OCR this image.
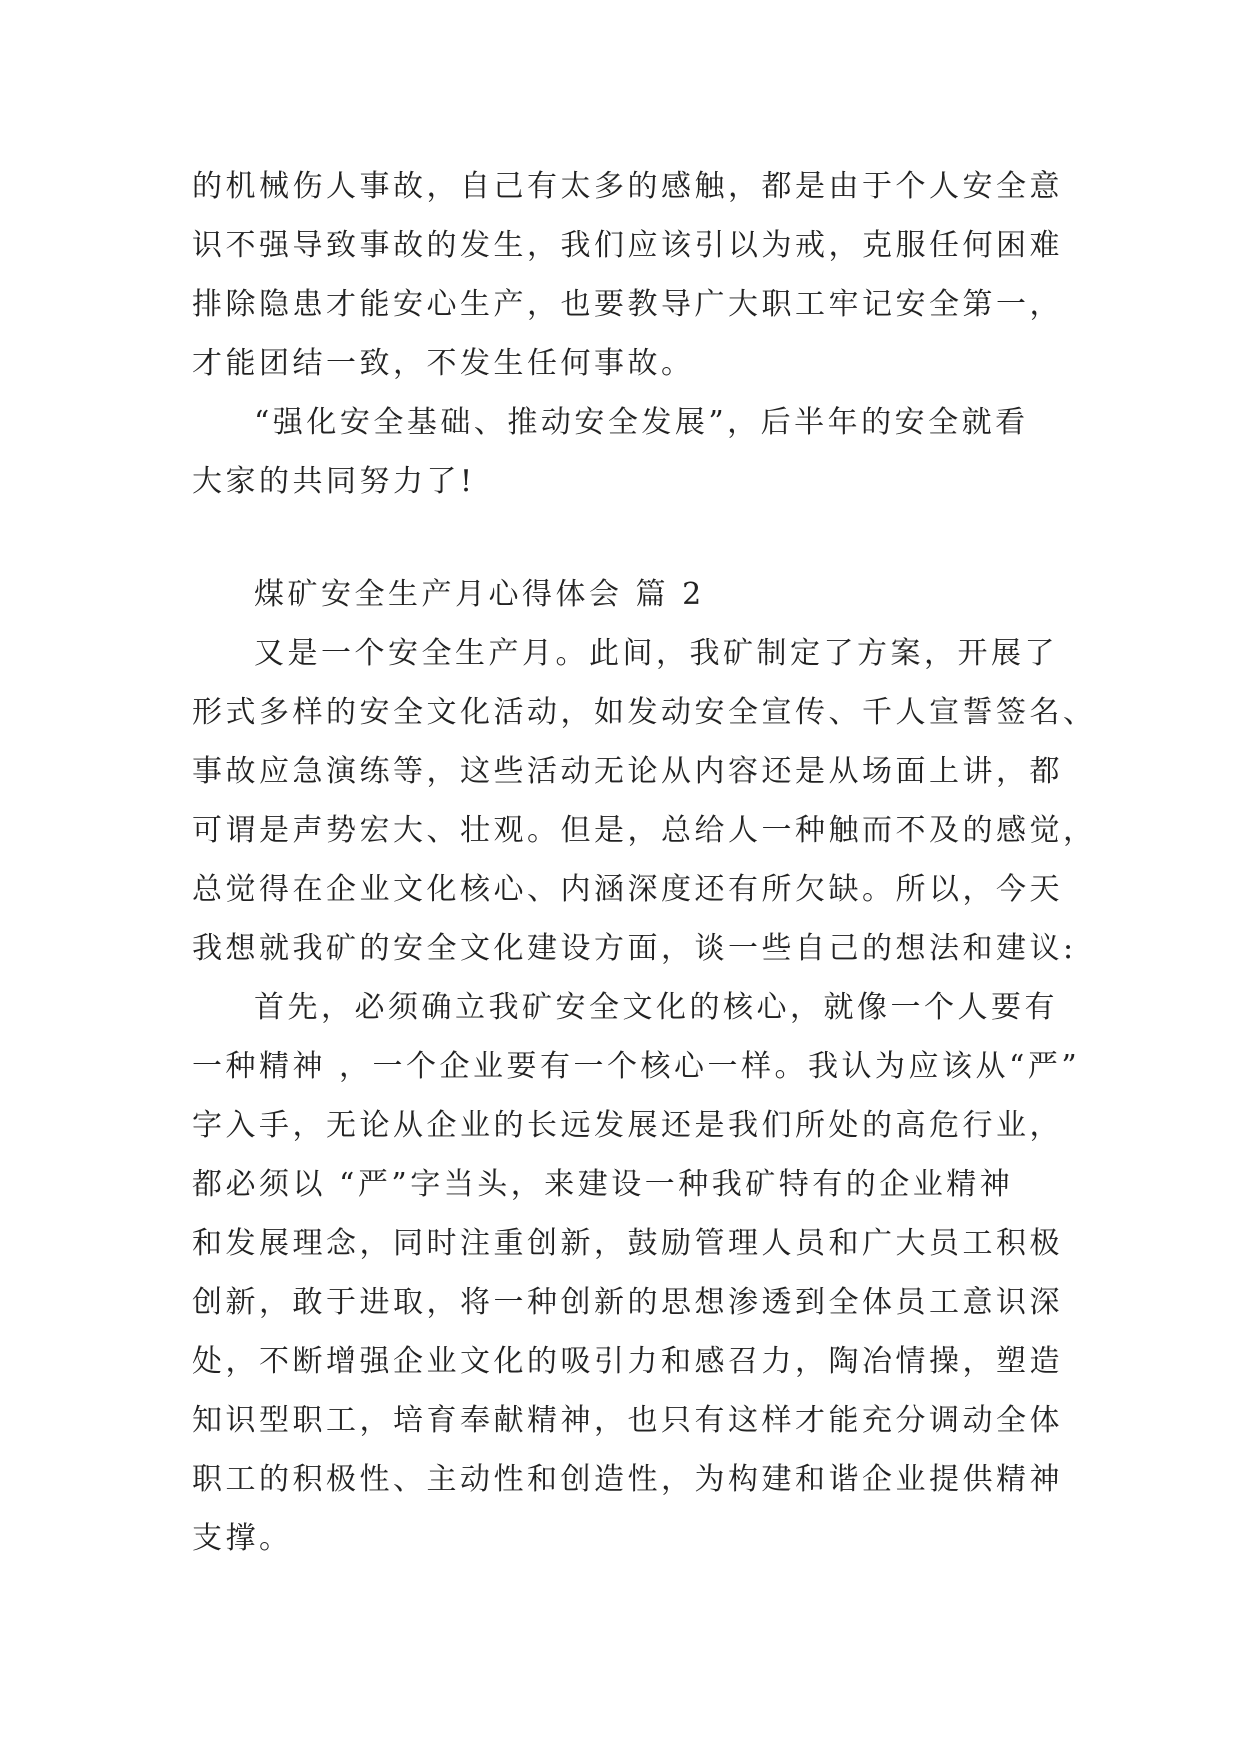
的机械伤人事故，自己有太多的感触，都是由于个人安全意
识不强导致事故的发生，我们应该引以为戒，克服任何困难
排除隐患才能安心生产，也要教导广大职工牢记安全第一，
才能团结一致，不发生任何事故。
“强化安全基础、推动安全发展”，后半年的安全就看
大家的共同努力了!
煤矿安全生产月心得体会 篇 2
又是一个安全生产月。此间，我矿制定了方案，开展了
形式多样的安全文化活动，如发动安全宣传、千人宣誓签名、
事故应急演练等，这些活动无论从内容还是从场面上讲，都
可谓是声势宏大、壮观。但是，总给人一种触而不及的感觉，
总觉得在企业文化核心、内涵深度还有所欠缺。所以，今天
我想就我矿的安全文化建设方面，谈一些自己的想法和建议:
首先，必须确立我矿安全文化的核心，就像一个人要有
一种精神 ，一个企业要有一个核心一样。我认为应该从“严”
字入手，无论从企业的长远发展还是我们所处的高危行业，
都必须以 “严”字当头，来建设一种我矿特有的企业精神
和发展理念，同时注重创新，鼓励管理人员和广大员工积极
创新，敢于进取，将一种创新的思想渗透到全体员工意识深
处，不断增强企业文化的吸引力和感召力，陶冶情操，塑造
知识型职工，培育奉献精神，也只有这样才能充分调动全体
职工的积极性、主动性和创造性，为构建和谐企业提供精神
支撑。
